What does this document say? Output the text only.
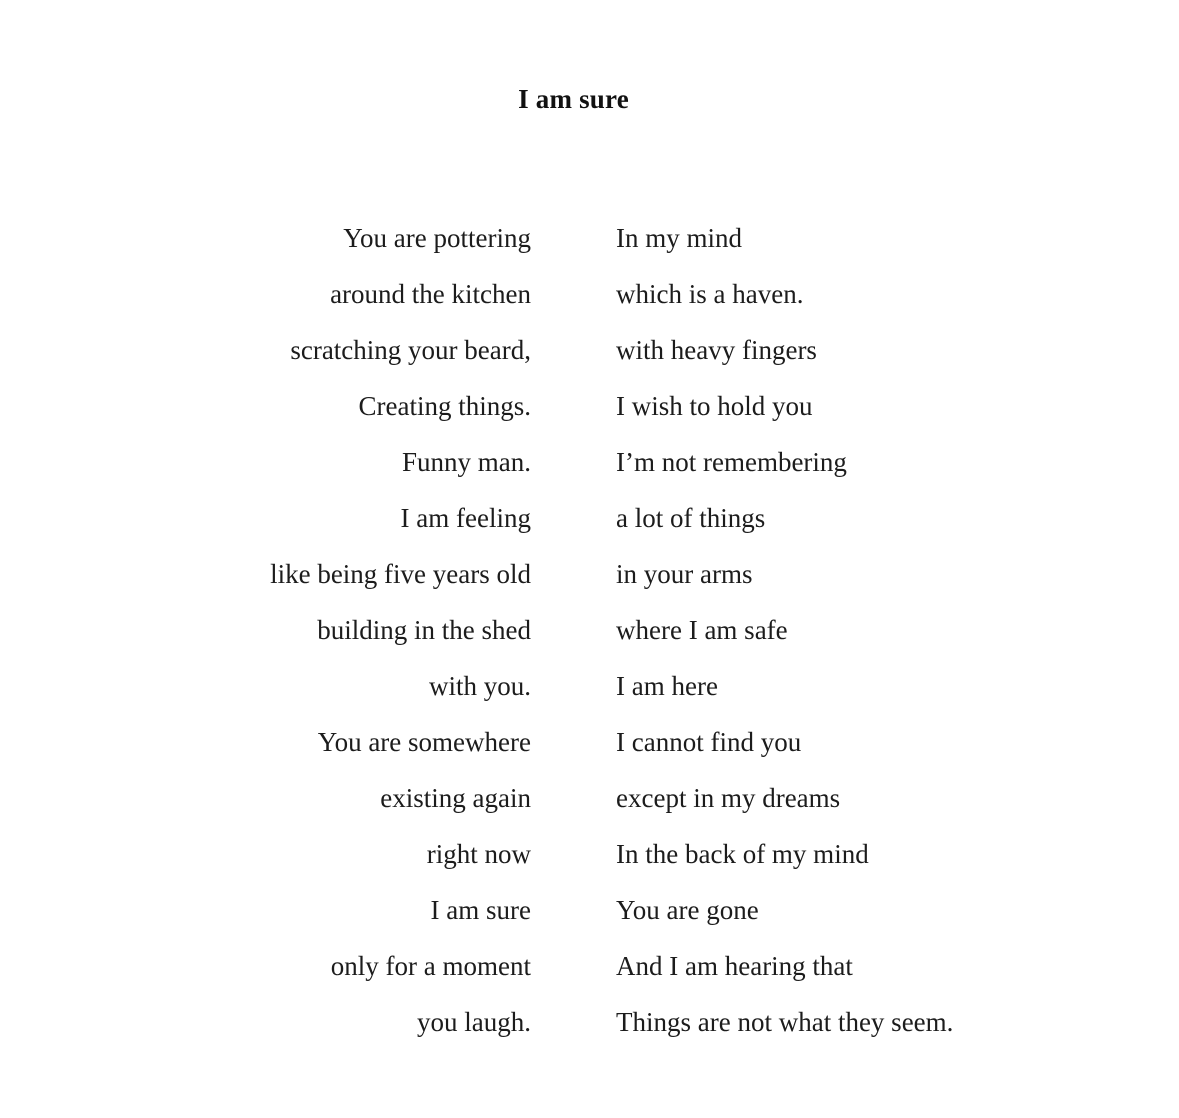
I am sure
You are pottering
around the kitchen
scratching your beard,
Creating things.
Funny man.
I am feeling
like being five years old
building in the shed
with you.
You are somewhere
existing again
right now
I am sure
only for a moment
you laugh.
In my mind
which is a haven.
with heavy fingers
I wish to hold you
I’m not remembering
a lot of things
in your arms
where I am safe
I am here
I cannot find you
except in my dreams
In the back of my mind
You are gone
And I am hearing that
Things are not what they seem.
